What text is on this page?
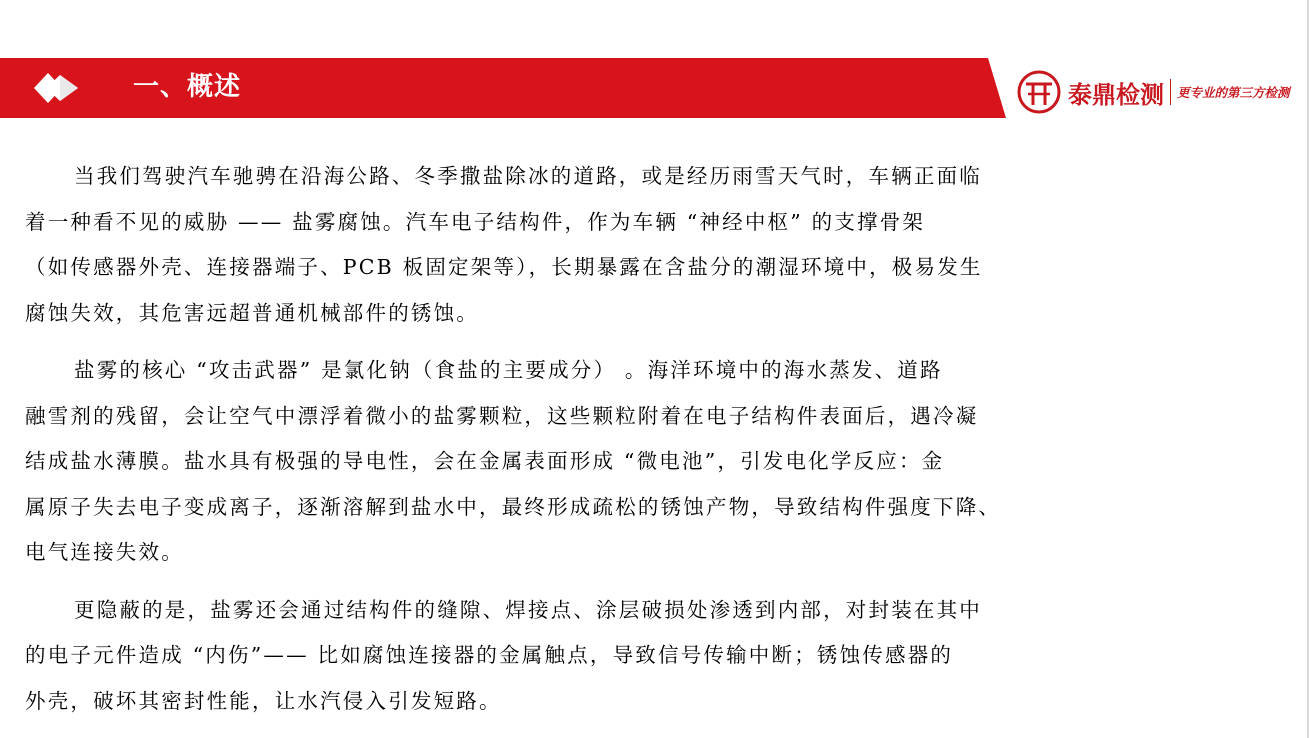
一、概述	泰鼎检测 更专业的第三方检测

当我们驾驶汽车驰骋在沿海公路、冬季撒盐除冰的道路，或是经历雨雪天气时，车辆正面临
着一种看不见的威胁 —— 盐雾腐蚀。汽车电子结构件，作为车辆 “神经中枢” 的支撑骨架
（如传感器外壳、连接器端子、PCB 板固定架等），长期暴露在含盐分的潮湿环境中，极易发生
腐蚀失效，其危害远超普通机械部件的锈蚀。

盐雾的核心 “攻击武器” 是氯化钠（食盐的主要成分） 。海洋环境中的海水蒸发、道路
融雪剂的残留，会让空气中漂浮着微小的盐雾颗粒，这些颗粒附着在电子结构件表面后，遇冷凝
结成盐水薄膜。盐水具有极强的导电性，会在金属表面形成 “微电池”，引发电化学反应：金
属原子失去电子变成离子，逐渐溶解到盐水中，最终形成疏松的锈蚀产物，导致结构件强度下降、
电气连接失效。

更隐蔽的是，盐雾还会通过结构件的缝隙、焊接点、涂层破损处渗透到内部，对封装在其中
的电子元件造成 “内伤”—— 比如腐蚀连接器的金属触点，导致信号传输中断；锈蚀传感器的
外壳，破坏其密封性能，让水汽侵入引发短路。
